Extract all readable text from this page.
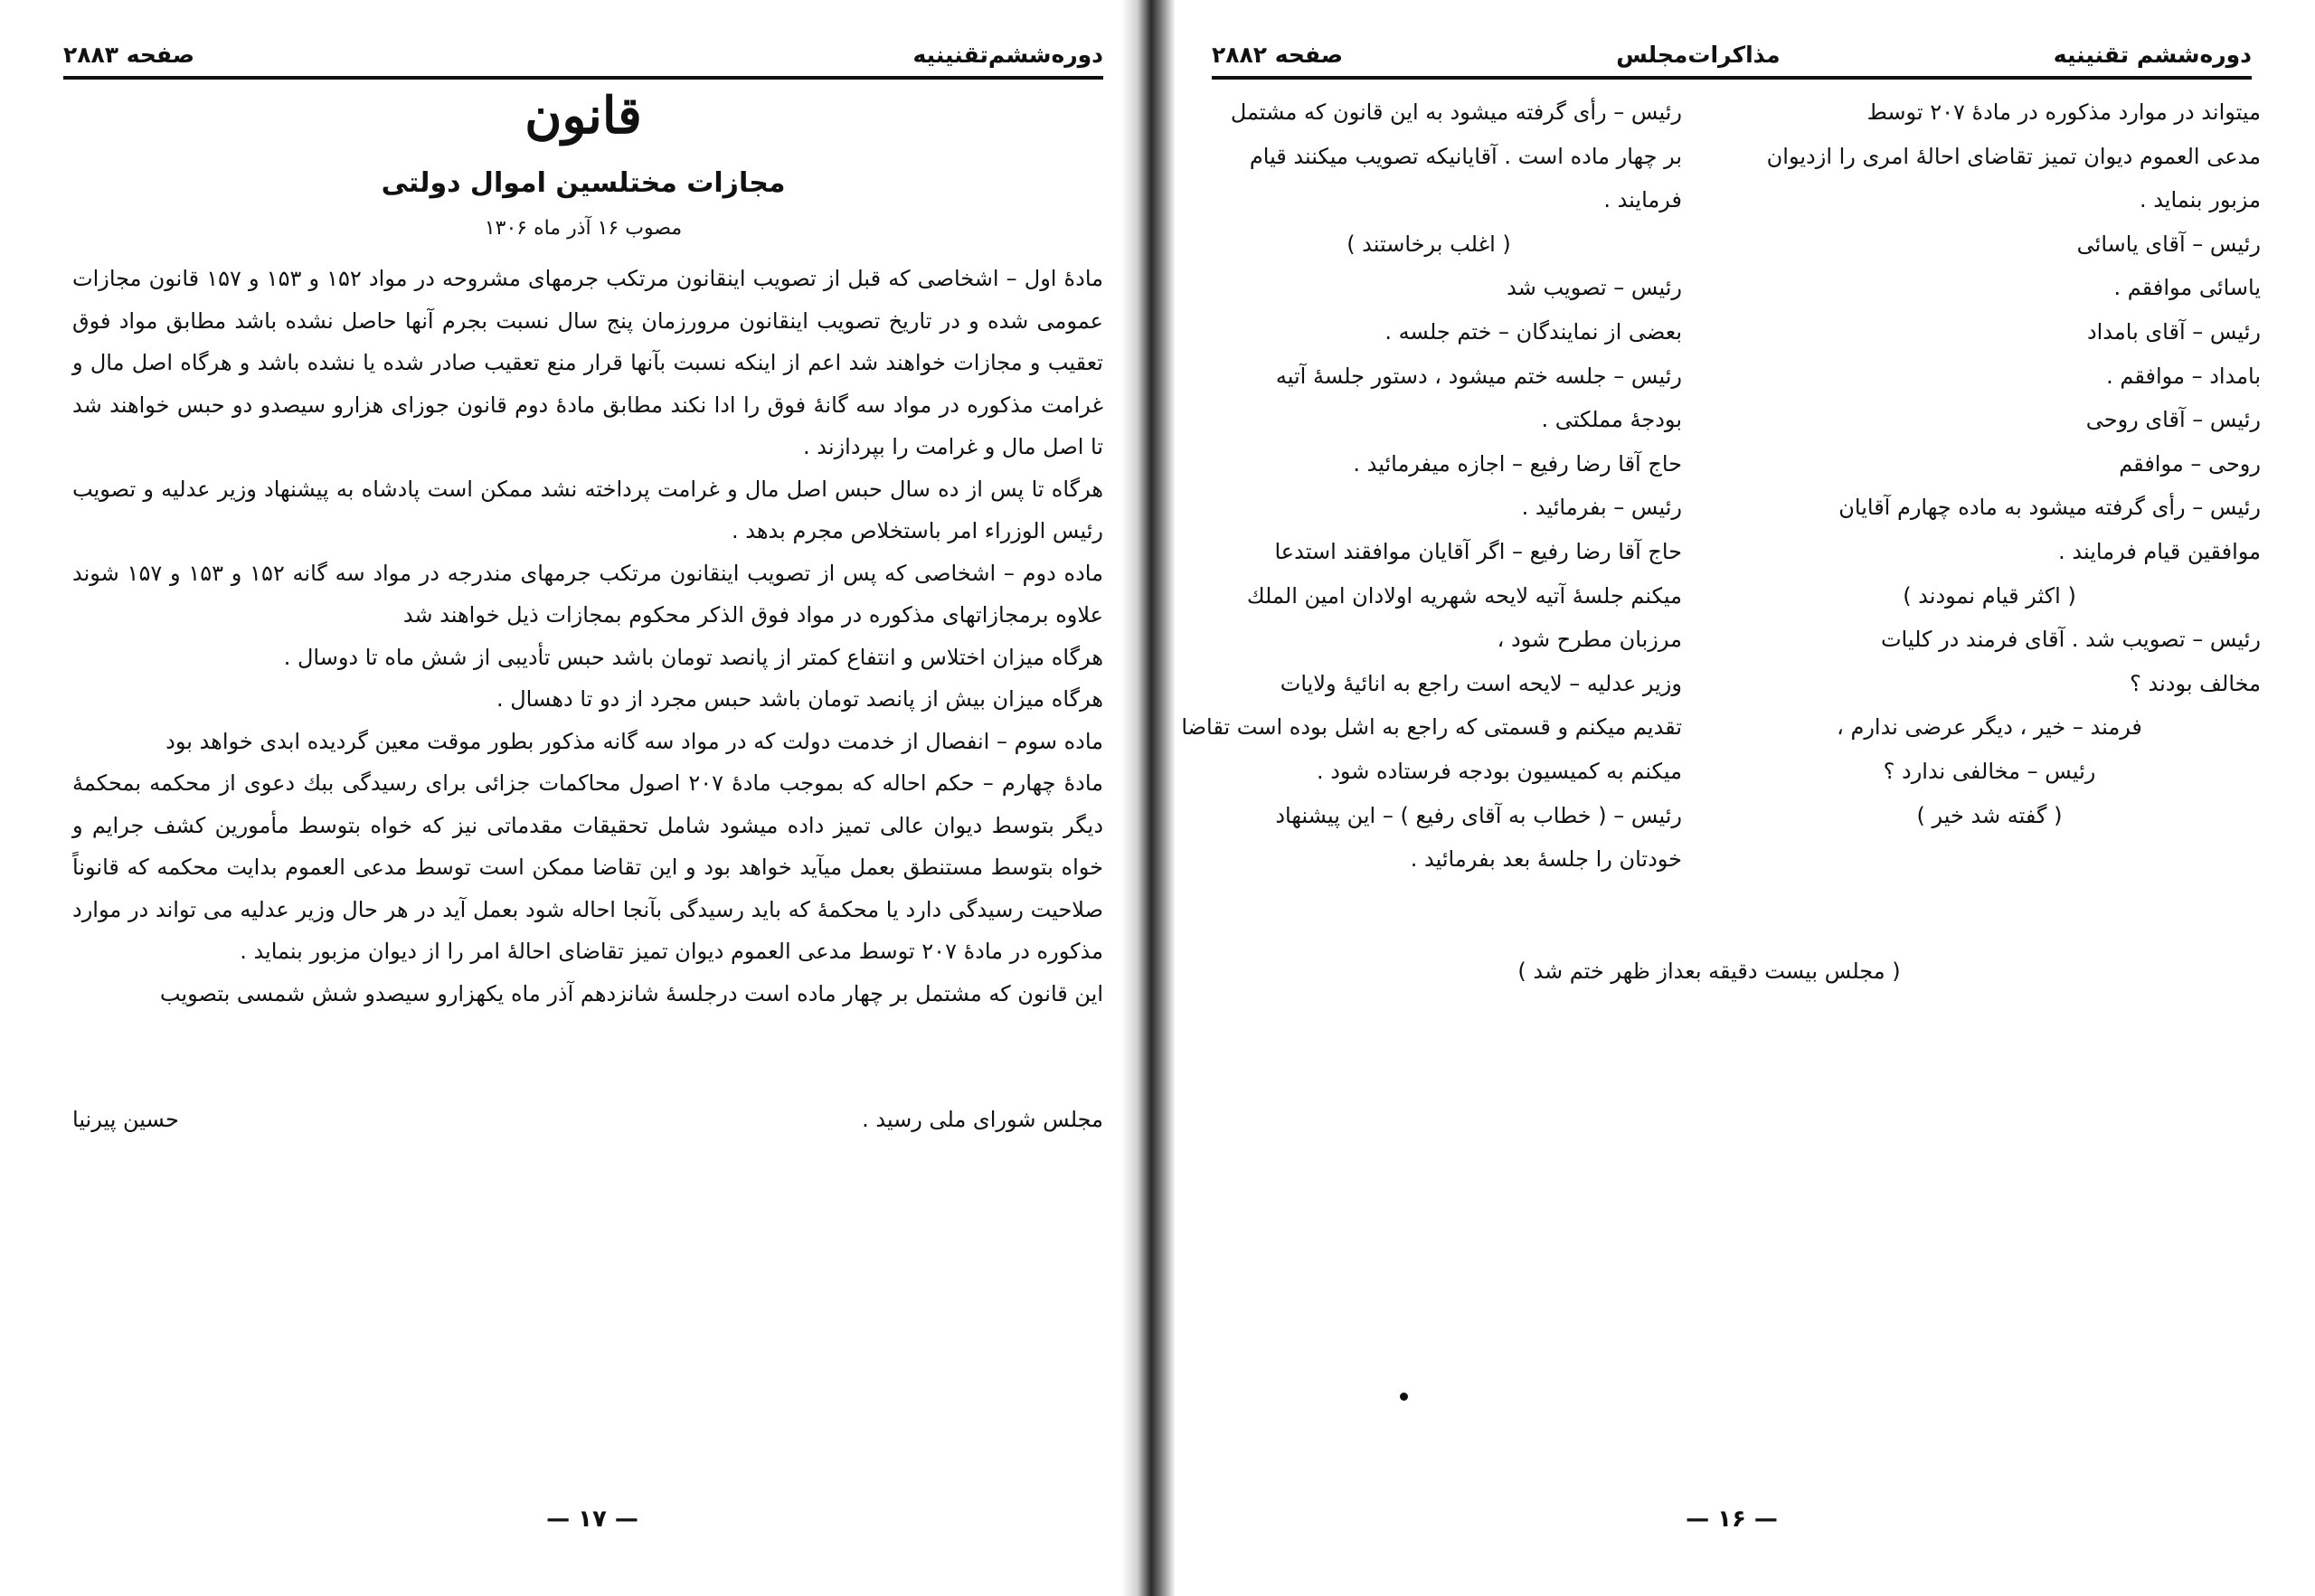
صفحه ۲۸۸۳	دوره‌ششم‌تقنینیه
قانون
مجازات مختلسین اموال دولتی
مصوب ۱۶ آذر ماه ۱۳۰۶

مادهٔ اول – اشخاصی که قبل از تصویب اینقانون مرتکب جرمهای مشروحه در مواد ۱۵۲ و ۱۵۳ و ۱۵۷ قانون مجازات عمومی شده و در تاریخ تصویب اینقانون مرورزمان پنج سال نسبت بجرم آنها حاصل نشده باشد مطابق مواد فوق تعقیب و مجازات خواهند شد اعم از اینکه نسبت بآنها قرار منع تعقیب صادر شده یا نشده باشد و هرگاه اصل مال و غرامت مذکوره در مواد سه گانهٔ فوق را ادا نکند مطابق مادهٔ دوم قانون جوزای هزارو سیصدو دو حبس خواهند شد تا اصل مال و غرامت را بپردازند .

هرگاه تا پس از ده سال حبس اصل مال و غرامت پرداخته نشد ممکن است پادشاه به پیشنهاد وزیر عدلیه و تصویب رئیس الوزراء امر باستخلاص مجرم بدهد .

ماده دوم – اشخاصی که پس از تصویب اینقانون مرتکب جرمهای مندرجه در مواد سه گانه ۱۵۲ و ۱۵۳ و ۱۵۷ شوند علاوه برمجازاتهای مذکوره در مواد فوق الذکر محکوم بمجازات ذیل خواهند شد

هرگاه میزان اختلاس و انتفاع کمتر از پانصد تومان باشد حبس تأدیبی از شش ماه تا دوسال .

هرگاه میزان بیش از پانصد تومان باشد حبس مجرد از دو تا دهسال .

ماده سوم – انفصال از خدمت دولت که در مواد سه گانه مذکور بطور موقت معین گردیده ابدی خواهد بود

مادهٔ چهارم – حکم احاله که بموجب مادهٔ ۲۰۷ اصول محاکمات جزائی برای رسیدگی ببك دعوی از محکمه بمحکمهٔ دیگر بتوسط دیوان عالی تمیز داده میشود شامل تحقیقات مقدماتی نیز که خواه بتوسط مأمورین کشف جرایم و خواه بتوسط مستنطق بعمل میآید خواهد بود و این تقاضا ممکن است توسط مدعی العموم بدایت محکمه که قانوناً صلاحیت رسیدگی دارد یا محکمهٔ که باید رسیدگی بآنجا احاله شود بعمل آید در هر حال وزیر عدلیه می تواند در موارد مذکوره در مادهٔ ۲۰۷ توسط مدعی العموم دیوان تمیز تقاضای احالهٔ امر را از دیوان مزبور بنماید .

این قانون که مشتمل بر چهار ماده است درجلسهٔ شانزدهم آذر ماه یکهزارو سیصدو شش شمسی بتصویب

حسین پیرنیا	مجلس شورای ملی رسید .
— ۱۷ —
صفحه ۲۸۸۲	مذاکرات‌مجلس	دوره‌ششم تقنینیه

میتواند در موارد مذکوره در مادهٔ ۲۰۷ توسط

مدعی العموم دیوان تمیز تقاضای احالهٔ امری را ازدیوان

مزبور بنماید .

رئیس – آقای یاسائی

یاسائی موافقم .

رئیس – آقای بامداد

بامداد – موافقم .

رئیس – آقای روحی

روحی – موافقم

رئیس – رأی گرفته میشود به ماده چهارم آقایان

موافقین قیام فرمایند .

( اکثر قیام نمودند )

رئیس – تصویب شد . آقای فرمند در کلیات

مخالف بودند ؟

فرمند – خیر ، دیگر عرضی ندارم ،

رئیس – مخالفی ندارد ؟

( گفته شد خیر )

رئیس – رأی گرفته میشود به این قانون که مشتمل

بر چهار ماده است . آقایانیکه تصویب میکنند قیام

فرمایند .

( اغلب برخاستند )

رئیس – تصویب شد

بعضی از نمایندگان – ختم جلسه .

رئیس – جلسه ختم میشود ، دستور جلسهٔ آتیه

بودجهٔ مملکتی .

حاج آقا رضا رفیع – اجازه میفرمائید .

رئیس – بفرمائید .

حاج آقا رضا رفیع – اگر آقایان موافقند استدعا

میکنم جلسهٔ آتیه لایحه شهریه اولادان امین الملك

مرزبان مطرح شود ،

وزیر عدلیه – لایحه است راجع به انائیهٔ ولایات

تقدیم میکنم و قسمتی که راجع به اشل بوده است تقاضا

میکنم به کمیسیون بودجه فرستاده شود .

رئیس – ( خطاب به آقای رفیع ) – این پیشنهاد

خودتان را جلسهٔ بعد بفرمائید .

( مجلس بیست دقیقه بعداز ظهر ختم شد )
— ۱۶ —
